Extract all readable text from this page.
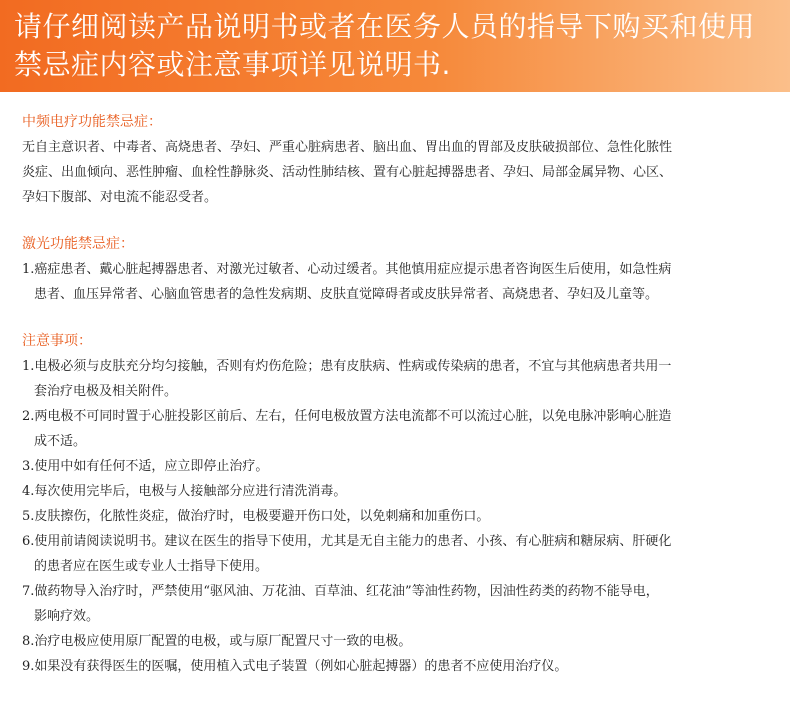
请仔细阅读产品说明书或者在医务人员的指导下购买和使用
禁忌症内容或注意事项详见说明书.

中频电疗功能禁忌症：

无自主意识者、中毒者、高烧患者、孕妇、严重心脏病患者、脑出血、胃出血的胃部及皮肤破损部位、急性化脓性

炎症、出血倾向、恶性肿瘤、血栓性静脉炎、活动性肺结核、置有心脏起搏器患者、孕妇、局部金属异物、心区、

孕妇下腹部、对电流不能忍受者。

激光功能禁忌症：

1.癌症患者、戴心脏起搏器患者、对激光过敏者、心动过缓者。其他慎用症应提示患者咨询医生后使用，如急性病
患者、血压异常者、心脑血管患者的急性发病期、皮肤直觉障碍者或皮肤异常者、高烧患者、孕妇及儿童等。

注意事项：

1.电极必须与皮肤充分均匀接触，否则有灼伤危险；患有皮肤病、性病或传染病的患者，不宜与其他病患者共用一
套治疗电极及相关附件。
2.两电极不可同时置于心脏投影区前后、左右，任何电极放置方法电流都不可以流过心脏，以免电脉冲影响心脏造
成不适。
3.使用中如有任何不适，应立即停止治疗。
4.每次使用完毕后，电极与人接触部分应进行清洗消毒。
5.皮肤擦伤，化脓性炎症，做治疗时，电极要避开伤口处，以免刺痛和加重伤口。
6.使用前请阅读说明书。建议在医生的指导下使用，尤其是无自主能力的患者、小孩、有心脏病和糖尿病、肝硬化
的患者应在医生或专业人士指导下使用。
7.做药物导入治疗时，严禁使用“驱风油、万花油、百草油、红花油”等油性药物，因油性药类的药物不能导电，
影响疗效。
8.治疗电极应使用原厂配置的电极，或与原厂配置尺寸一致的电极。
9.如果没有获得医生的医嘱，使用植入式电子装置（例如心脏起搏器）的患者不应使用治疗仪。
